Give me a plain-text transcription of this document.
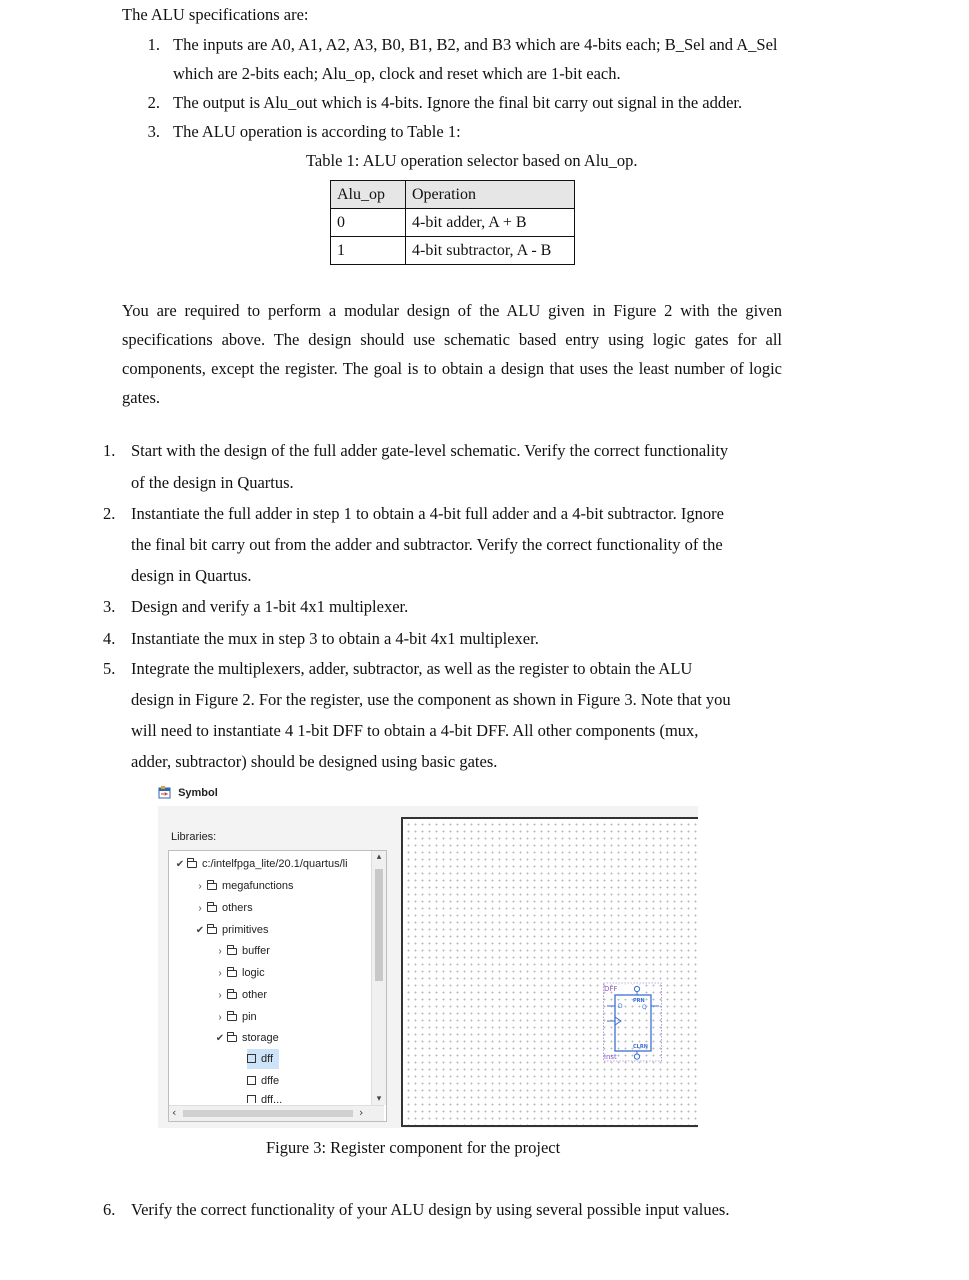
The ALU specifications are:
1. The inputs are A0, A1, A2, A3, B0, B1, B2, and B3 which are 4-bits each; B_Sel and A_Sel
which are 2-bits each; Alu_op, clock and reset which are 1-bit each.
2. The output is Alu_out which is 4-bits. Ignore the final bit carry out signal in the adder.
3. The ALU operation is according to Table 1:
Table 1: ALU operation selector based on Alu_op.
Alu_op	Operation
0	4-bit adder, A + B
1	4-bit subtractor, A - B
You are required to perform a modular design of the ALU given in Figure 2 with the given
specifications above. The design should use schematic based entry using logic gates for all
components, except the register. The goal is to obtain a design that uses the least number of logic
gates.
1. Start with the design of the full adder gate-level schematic. Verify the correct functionality
of the design in Quartus.
2. Instantiate the full adder in step 1 to obtain a 4-bit full adder and a 4-bit subtractor. Ignore
the final bit carry out from the adder and subtractor. Verify the correct functionality of the
design in Quartus.
3. Design and verify a 1-bit 4x1 multiplexer.
4. Instantiate the mux in step 3 to obtain a 4-bit 4x1 multiplexer.
5. Integrate the multiplexers, adder, subtractor, as well as the register to obtain the ALU
design in Figure 2. For the register, use the component as shown in Figure 3. Note that you
will need to instantiate 4 1-bit DFF to obtain a 4-bit DFF. All other components (mux,
adder, subtractor) should be designed using basic gates.
Symbol
Libraries:
✔ c:/intelfpga_lite/20.1/quartus/li
› megafunctions
› others
✔ primitives
› buffer
› logic
› other
› pin
✔ storage
dff
dffe
dff...
▴
▾
‹	›
DFF
PRN
D	Q
CLRN
inst
Figure 3: Register component for the project
6. Verify the correct functionality of your ALU design by using several possible input values.
